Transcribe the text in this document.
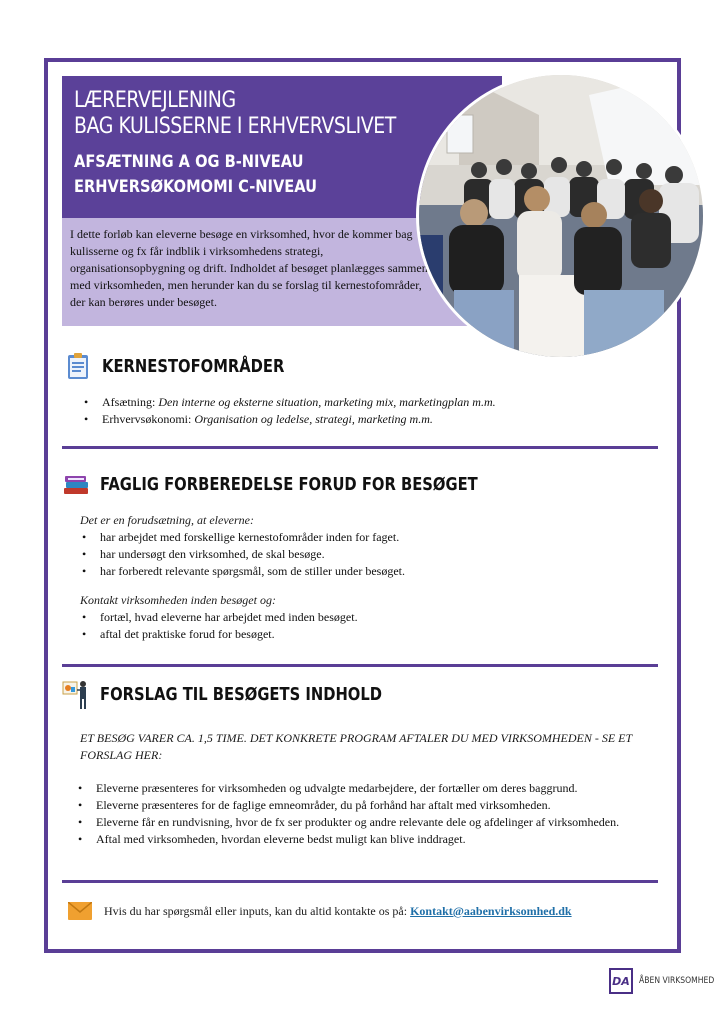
LÆRERVEJLENING
BAG KULISSERNE I ERHVERVSLIVET
AFSÆTNING A OG B-NIVEAU
ERHVERSØKOMOMI C-NIVEAU

I dette forløb kan eleverne besøge en virksomhed, hvor de kommer bag kulisserne og fx får indblik i virksomhedens strategi, organisationsopbygning og drift. Indholdet af besøget planlægges sammen med virksomheden, men herunder kan du se forslag til kernestofområder, der kan berøres under besøget.

KERNESTOFOMRÅDER
• Afsætning: Den interne og eksterne situation, marketing mix, marketingplan m.m.
• Erhvervsøkonomi: Organisation og ledelse, strategi, marketing m.m.
FAGLIG FORBEREDELSE FORUD FOR BESØGET

Det er en forudsætning, at eleverne:

• har arbejdet med forskellige kernestofområder inden for faget.
• har undersøgt den virksomhed, de skal besøge.
• har forberedt relevante spørgsmål, som de stiller under besøget.

Kontakt virksomheden inden besøget og:

• fortæl, hvad eleverne har arbejdet med inden besøget.
• aftal det praktiske forud for besøget.
FORSLAG TIL BESØGETS INDHOLD

ET BESØG VARER CA. 1,5 TIME. DET KONKRETE PROGRAM AFTALER DU MED VIRKSOMHEDEN - SE ET FORSLAG HER:

• Eleverne præsenteres for virksomheden og udvalgte medarbejdere, der fortæller om deres baggrund.
• Eleverne præsenteres for de faglige emneområder, du på forhånd har aftalt med virksomheden.
• Eleverne får en rundvisning, hvor de fx ser produkter og andre relevante dele og afdelinger af virksomheden.
• Aftal med virksomheden, hvordan eleverne bedst muligt kan blive inddraget.
Hvis du har spørgsmål eller inputs, kan du altid kontakte os på: Kontakt@aabenvirksomhed.dk
DA ÅBEN VIRKSOMHED
